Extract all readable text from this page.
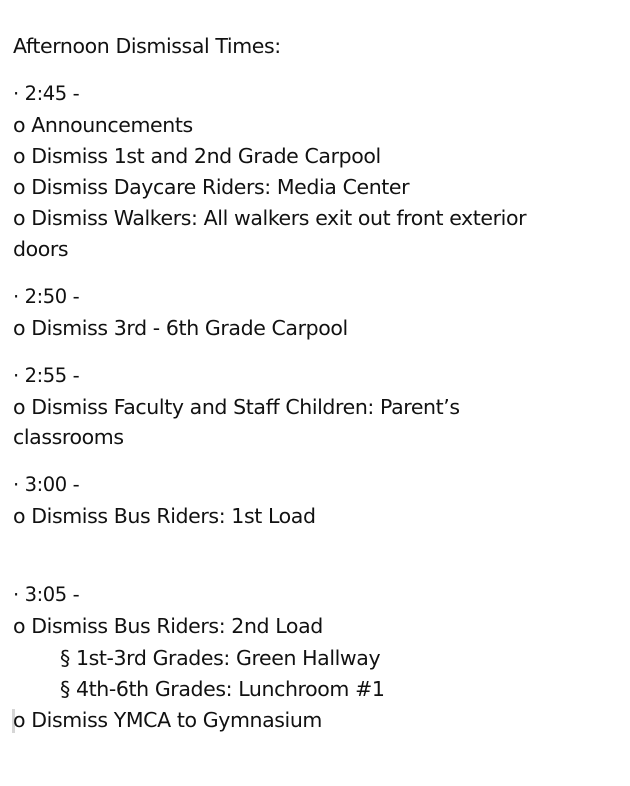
Afternoon Dismissal Times:
· 2:45 -
o Announcements
o Dismiss 1st and 2nd Grade Carpool
o Dismiss Daycare Riders: Media Center
o Dismiss Walkers: All walkers exit out front exterior
doors
· 2:50 -
o Dismiss 3rd - 6th Grade Carpool
· 2:55 -
o Dismiss Faculty and Staff Children: Parent’s
classrooms
· 3:00 -
o Dismiss Bus Riders: 1st Load
· 3:05 -
o Dismiss Bus Riders: 2nd Load
§ 1st-3rd Grades: Green Hallway
§ 4th-6th Grades: Lunchroom #1
o Dismiss YMCA to Gymnasium
